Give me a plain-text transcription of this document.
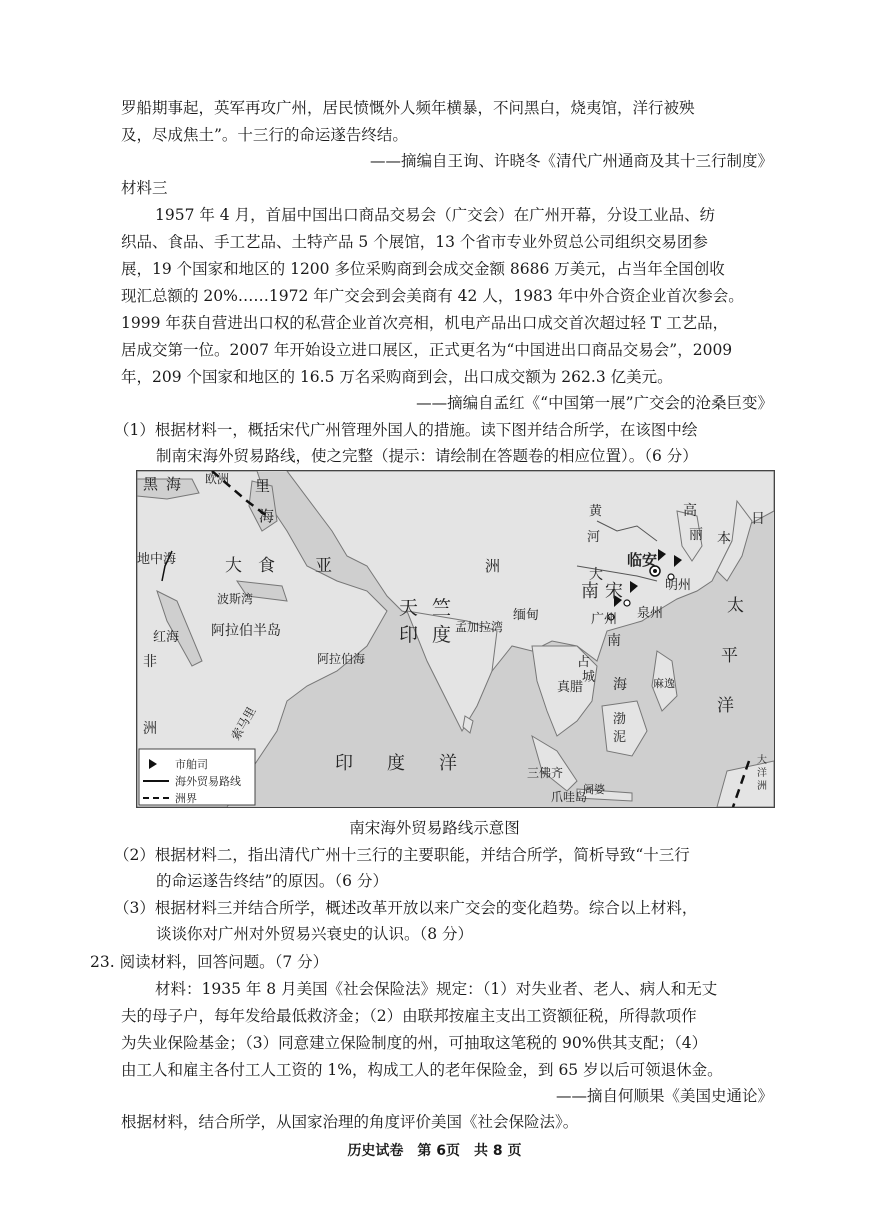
罗船期事起，英军再攻广州，居民愤慨外人频年横暴，不问黑白，烧夷馆，洋行被殃
及，尽成焦土”。十三行的命运遂告终结。
——摘编自王询、许晓冬《清代广州通商及其十三行制度》
材料三
1957 年 4 月，首届中国出口商品交易会（广交会）在广州开幕，分设工业品、纺
织品、食品、手工艺品、土特产品 5 个展馆，13 个省市专业外贸总公司组织交易团参
展，19 个国家和地区的 1200 多位采购商到会成交金额 8686 万美元，占当年全国创收
现汇总额的 20%……1972 年广交会到会美商有 42 人，1983 年中外合资企业首次参会。
1999 年获自营进出口权的私营企业首次亮相，机电产品出口成交首次超过轻 T 工艺品，
居成交第一位。2007 年开始设立进口展区，正式更名为“中国进出口商品交易会”，2009
年，209 个国家和地区的 16.5 万名采购商到会，出口成交额为 262.3 亿美元。
——摘编自孟红《“中国第一展”广交会的沧桑巨变》
（1）根据材料一，概括宋代广州管理外国人的措施。读下图并结合所学，在该图中绘
制南宋海外贸易路线，使之完整（提示：请绘制在答题卷的相应位置）。（6 分）
黑海 欧洲 里
海
地中海	大食 亚	洲
波斯湾
红海 阿拉伯半岛
非
洲	索马里
天竺
印度
阿拉伯海
孟加拉湾
缅甸
印度洋
黄
河
大
南宋
临安
明州
广州 泉州
高
丽
日
本
太
平
洋
占
城
真腊
南
海 麻逸
渤
泥
三佛齐
爪哇岛
阇婆
大
洋
洲
市舶司
海外贸易路线
洲界
南宋海外贸易路线示意图
（2）根据材料二，指出清代广州十三行的主要职能，并结合所学，简析导致“十三行
的命运遂告终结”的原因。（6 分）
（3）根据材料三并结合所学，概述改革开放以来广交会的变化趋势。综合以上材料，
谈谈你对广州对外贸易兴衰史的认识。（8 分）
23. 阅读材料，回答问题。（7 分）
材料：1935 年 8 月美国《社会保险法》规定：（1）对失业者、老人、病人和无丈
夫的母子户，每年发给最低救济金；（2）由联邦按雇主支出工资额征税，所得款项作
为失业保险基金；（3）同意建立保险制度的州，可抽取这笔税的 90%供其支配；（4）
由工人和雇主各付工人工资的 1%，构成工人的老年保险金，到 65 岁以后可领退休金。
——摘自何顺果《美国史通论》
根据材料，结合所学，从国家治理的角度评价美国《社会保险法》。
历史试卷　第 6页　共 8 页
